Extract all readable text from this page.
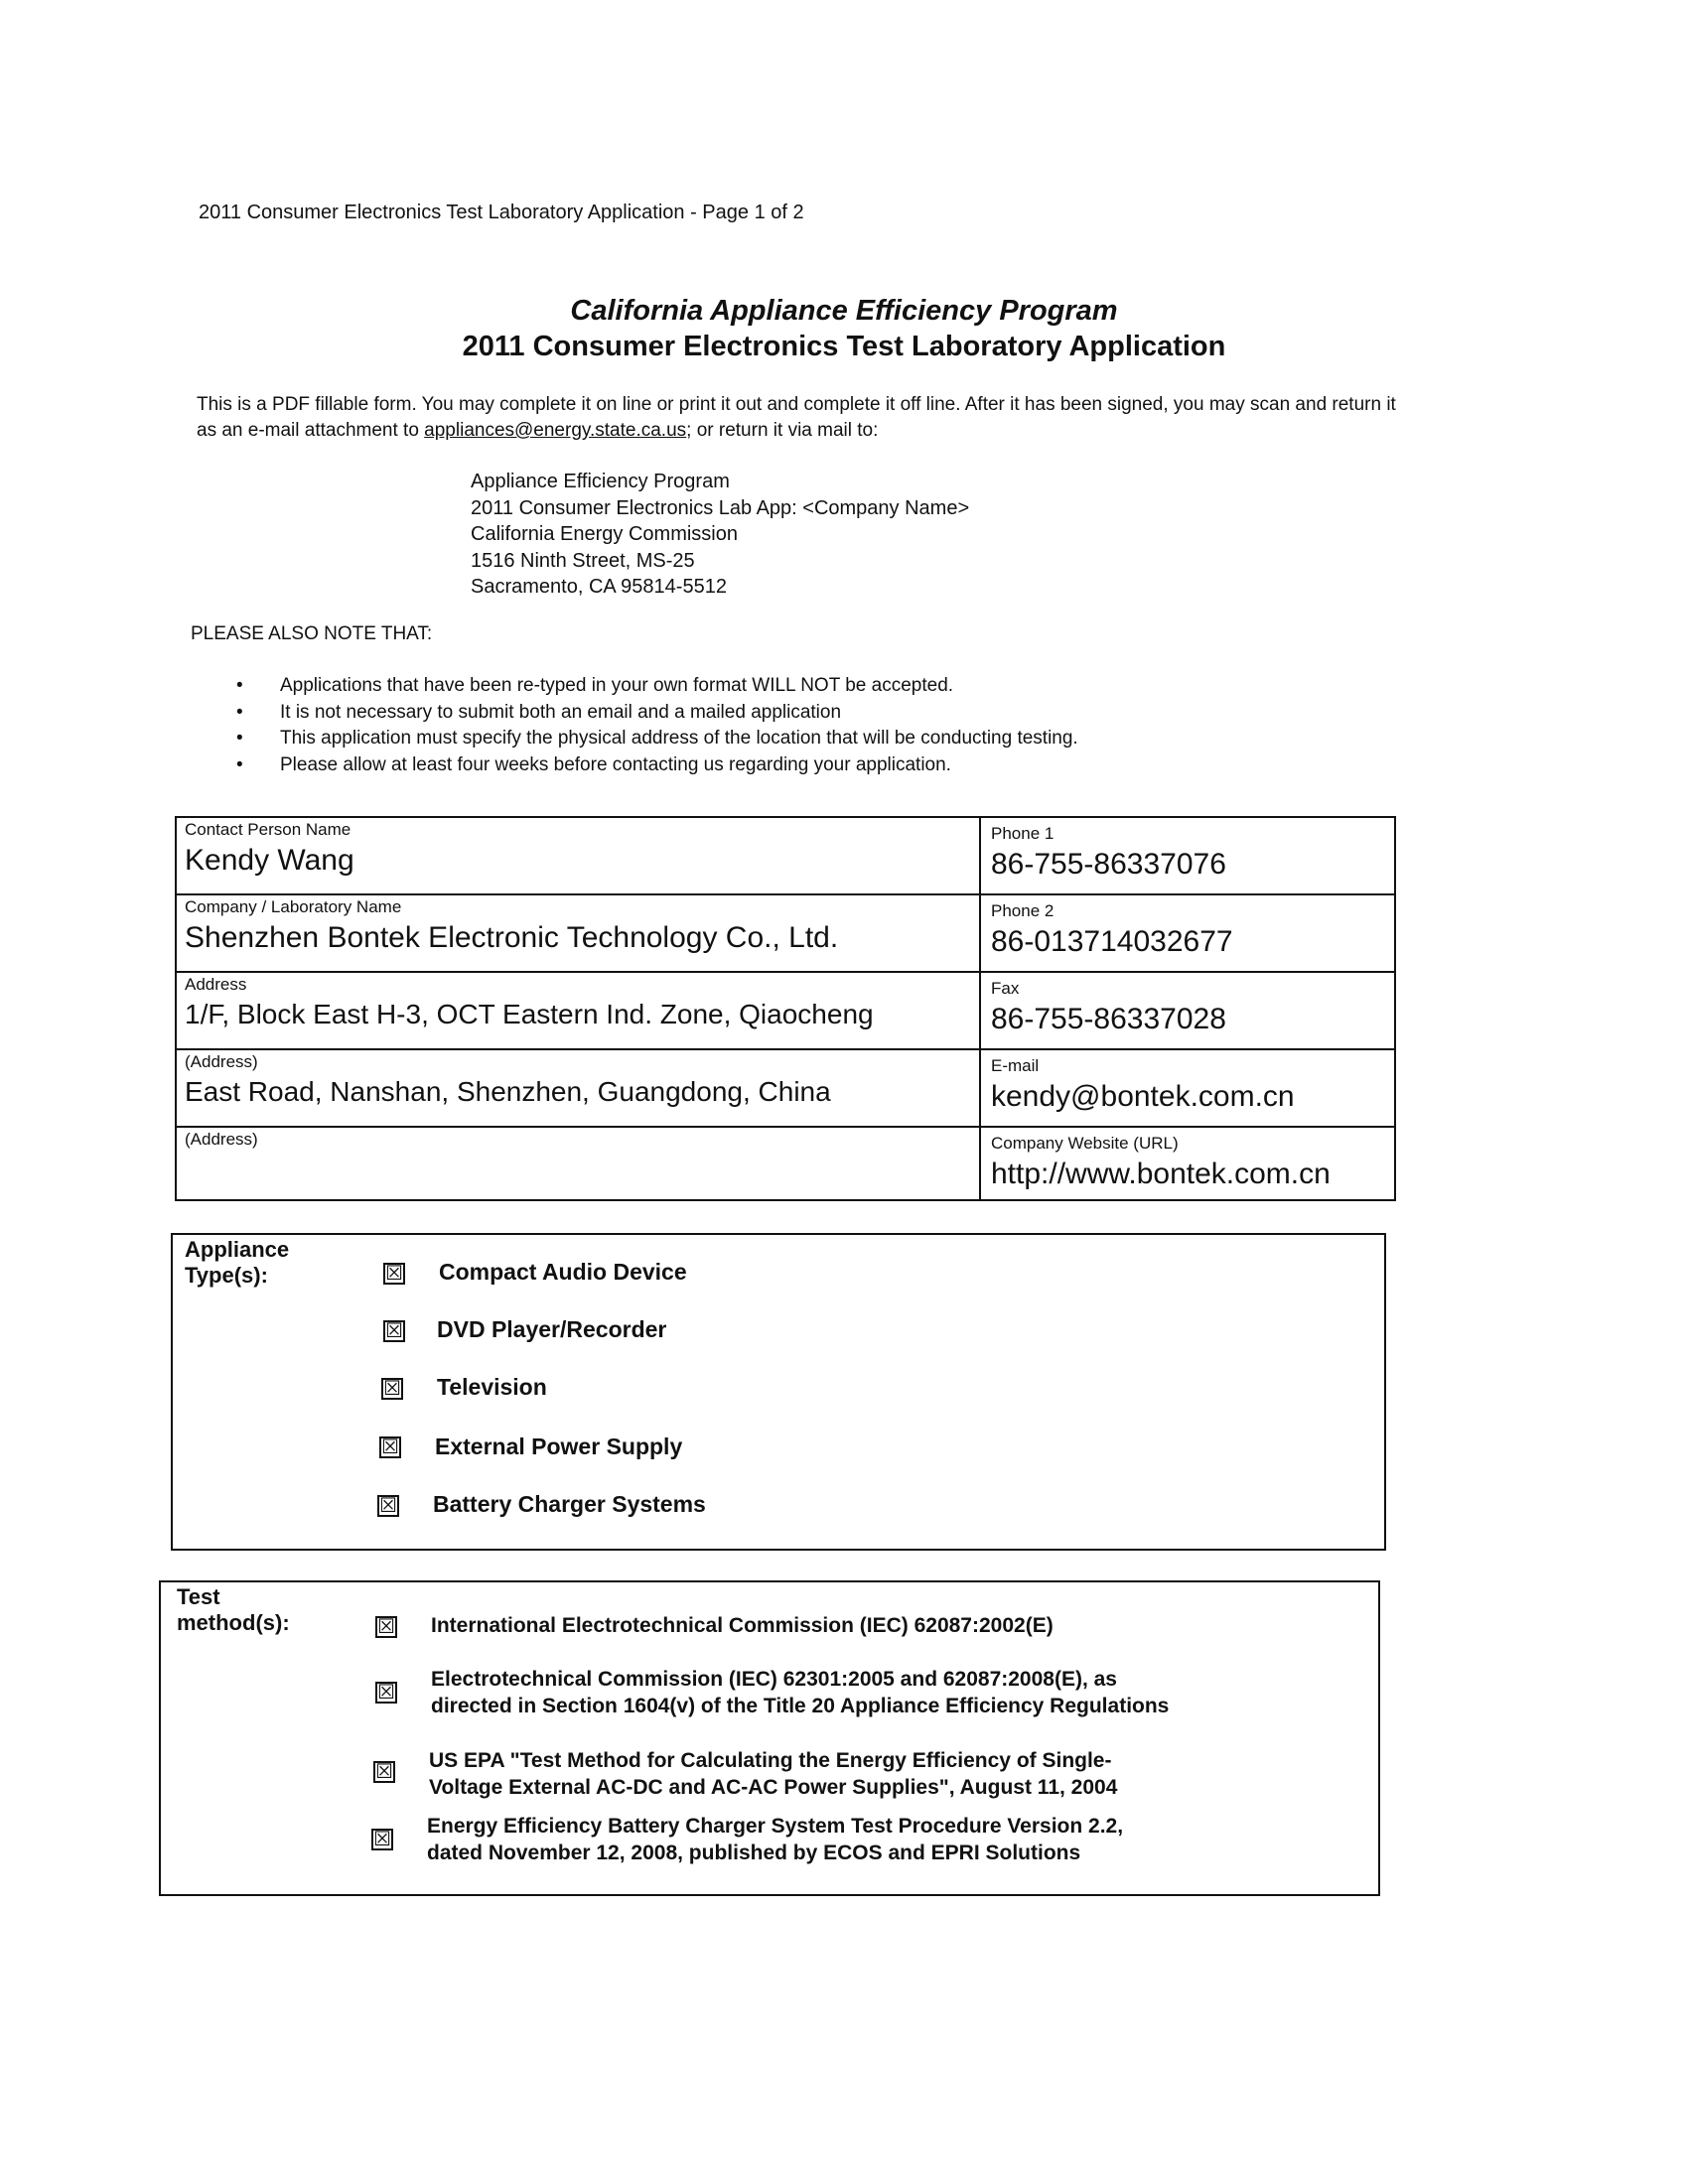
2011 Consumer Electronics Test Laboratory Application - Page 1 of 2
California Appliance Efficiency Program
2011 Consumer Electronics Test Laboratory Application
This is a PDF fillable form. You may complete it on line or print it out and complete it off line. After it has been signed, you may scan and return it as an e-mail attachment to appliances@energy.state.ca.us; or return it via mail to:
Appliance Efficiency Program
2011 Consumer Electronics Lab App: <Company Name>
California Energy Commission
1516 Ninth Street, MS-25
Sacramento, CA 95814-5512
PLEASE ALSO NOTE THAT:
• Applications that have been re-typed in your own format WILL NOT be accepted.
• It is not necessary to submit both an email and a mailed application
• This application must specify the physical address of the location that will be conducting testing.
• Please allow at least four weeks before contacting us regarding your application.
Contact Person Name
Kendy Wang
Phone 1
86-755-86337076
Company / Laboratory Name
Shenzhen Bontek Electronic Technology Co., Ltd.
Phone 2
86-013714032677
Address
1/F, Block East H-3, OCT Eastern Ind. Zone, Qiaocheng
Fax
86-755-86337028
(Address)
East Road, Nanshan, Shenzhen, Guangdong, China
E-mail
kendy@bontek.com.cn
(Address)	Company Website (URL)
http://www.bontek.com.cn
Appliance
Type(s):	☒ Compact Audio Device
☒ DVD Player/Recorder
☒ Television
☒ External Power Supply
☒ Battery Charger Systems
Test
method(s):	☒ International Electrotechnical Commission (IEC) 62087:2002(E)
☒
Electrotechnical Commission (IEC) 62301:2005 and 62087:2008(E), as
directed in Section 1604(v) of the Title 20 Appliance Efficiency Regulations
☒ US EPA "Test Method for Calculating the Energy Efficiency of Single-
Voltage External AC-DC and AC-AC Power Supplies", August 11, 2004
☒
Energy Efficiency Battery Charger System Test Procedure Version 2.2,
dated November 12, 2008, published by ECOS and EPRI Solutions
